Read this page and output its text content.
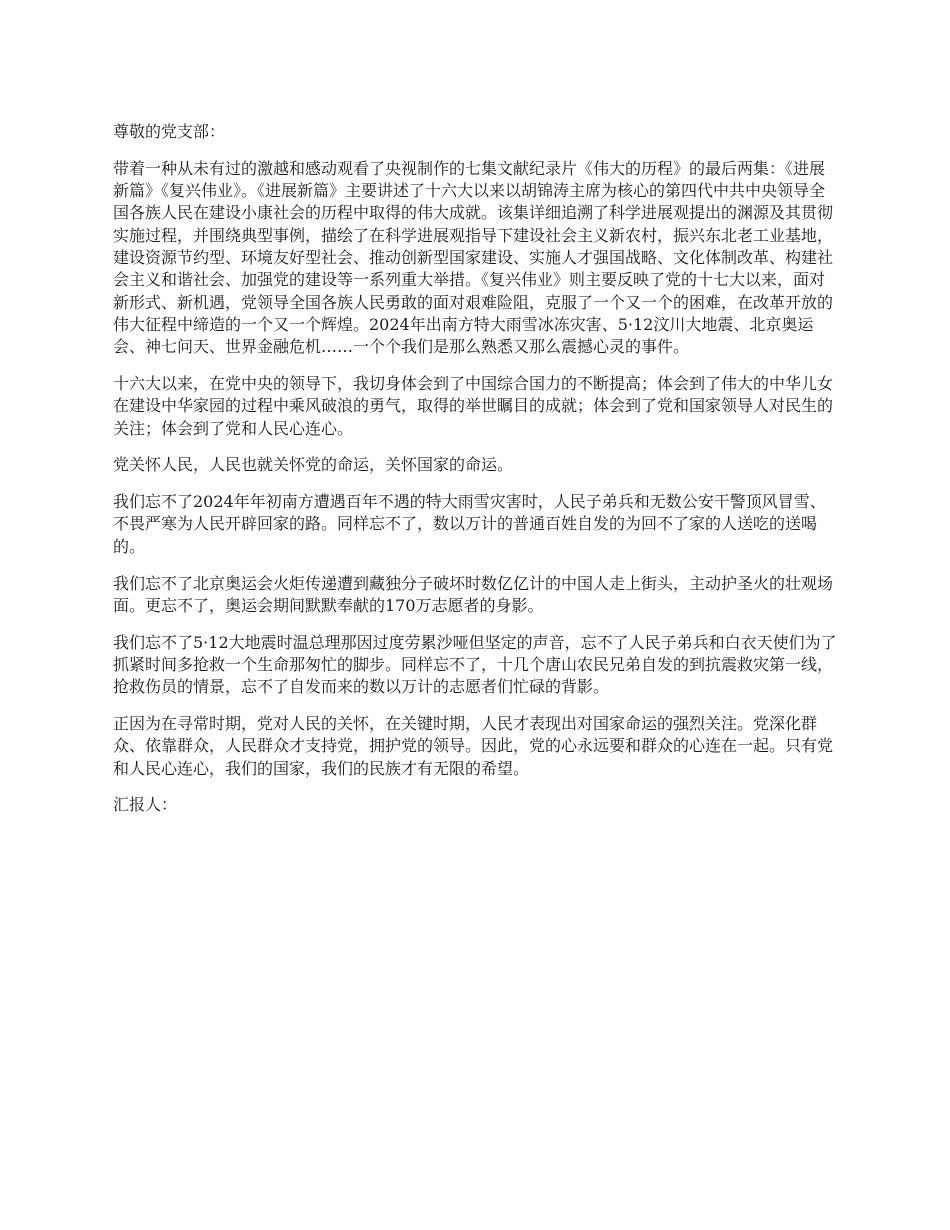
尊敬的党支部：

带着一种从未有过的激越和感动观看了央视制作的七集文献纪录片《伟大的历程》的最后两集：《进展新篇》《复兴伟业》。《进展新篇》主要讲述了十六大以来以胡锦涛主席为核心的第四代中共中央领导全国各族人民在建设小康社会的历程中取得的伟大成就。该集详细追溯了科学进展观提出的渊源及其贯彻实施过程，并围绕典型事例，描绘了在科学进展观指导下建设社会主义新农村，振兴东北老工业基地，建设资源节约型、环境友好型社会、推动创新型国家建设、实施人才强国战略、文化体制改革、构建社会主义和谐社会、加强党的建设等一系列重大举措。《复兴伟业》则主要反映了党的十七大以来，面对新形式、新机遇，党领导全国各族人民勇敢的面对艰难险阻，克服了一个又一个的困难，在改革开放的伟大征程中缔造的一个又一个辉煌。2024年出南方特大雨雪冰冻灾害、5·12汶川大地震、北京奥运会、神七问天、世界金融危机……一个个我们是那么熟悉又那么震撼心灵的事件。

十六大以来，在党中央的领导下，我切身体会到了中国综合国力的不断提高；体会到了伟大的中华儿女在建设中华家园的过程中乘风破浪的勇气，取得的举世瞩目的成就；体会到了党和国家领导人对民生的关注；体会到了党和人民心连心。

党关怀人民，人民也就关怀党的命运，关怀国家的命运。

我们忘不了2024年年初南方遭遇百年不遇的特大雨雪灾害时，人民子弟兵和无数公安干警顶风冒雪、不畏严寒为人民开辟回家的路。同样忘不了，数以万计的普通百姓自发的为回不了家的人送吃的送喝的。

我们忘不了北京奥运会火炬传递遭到藏独分子破坏时数亿亿计的中国人走上街头，主动护圣火的壮观场面。更忘不了，奥运会期间默默奉献的170万志愿者的身影。

我们忘不了5·12大地震时温总理那因过度劳累沙哑但坚定的声音，忘不了人民子弟兵和白衣天使们为了抓紧时间多抢救一个生命那匆忙的脚步。同样忘不了，十几个唐山农民兄弟自发的到抗震救灾第一线，抢救伤员的情景，忘不了自发而来的数以万计的志愿者们忙碌的背影。

正因为在寻常时期，党对人民的关怀，在关键时期，人民才表现出对国家命运的强烈关注。党深化群众、依靠群众，人民群众才支持党，拥护党的领导。因此，党的心永远要和群众的心连在一起。只有党和人民心连心，我们的国家，我们的民族才有无限的希望。

汇报人：
